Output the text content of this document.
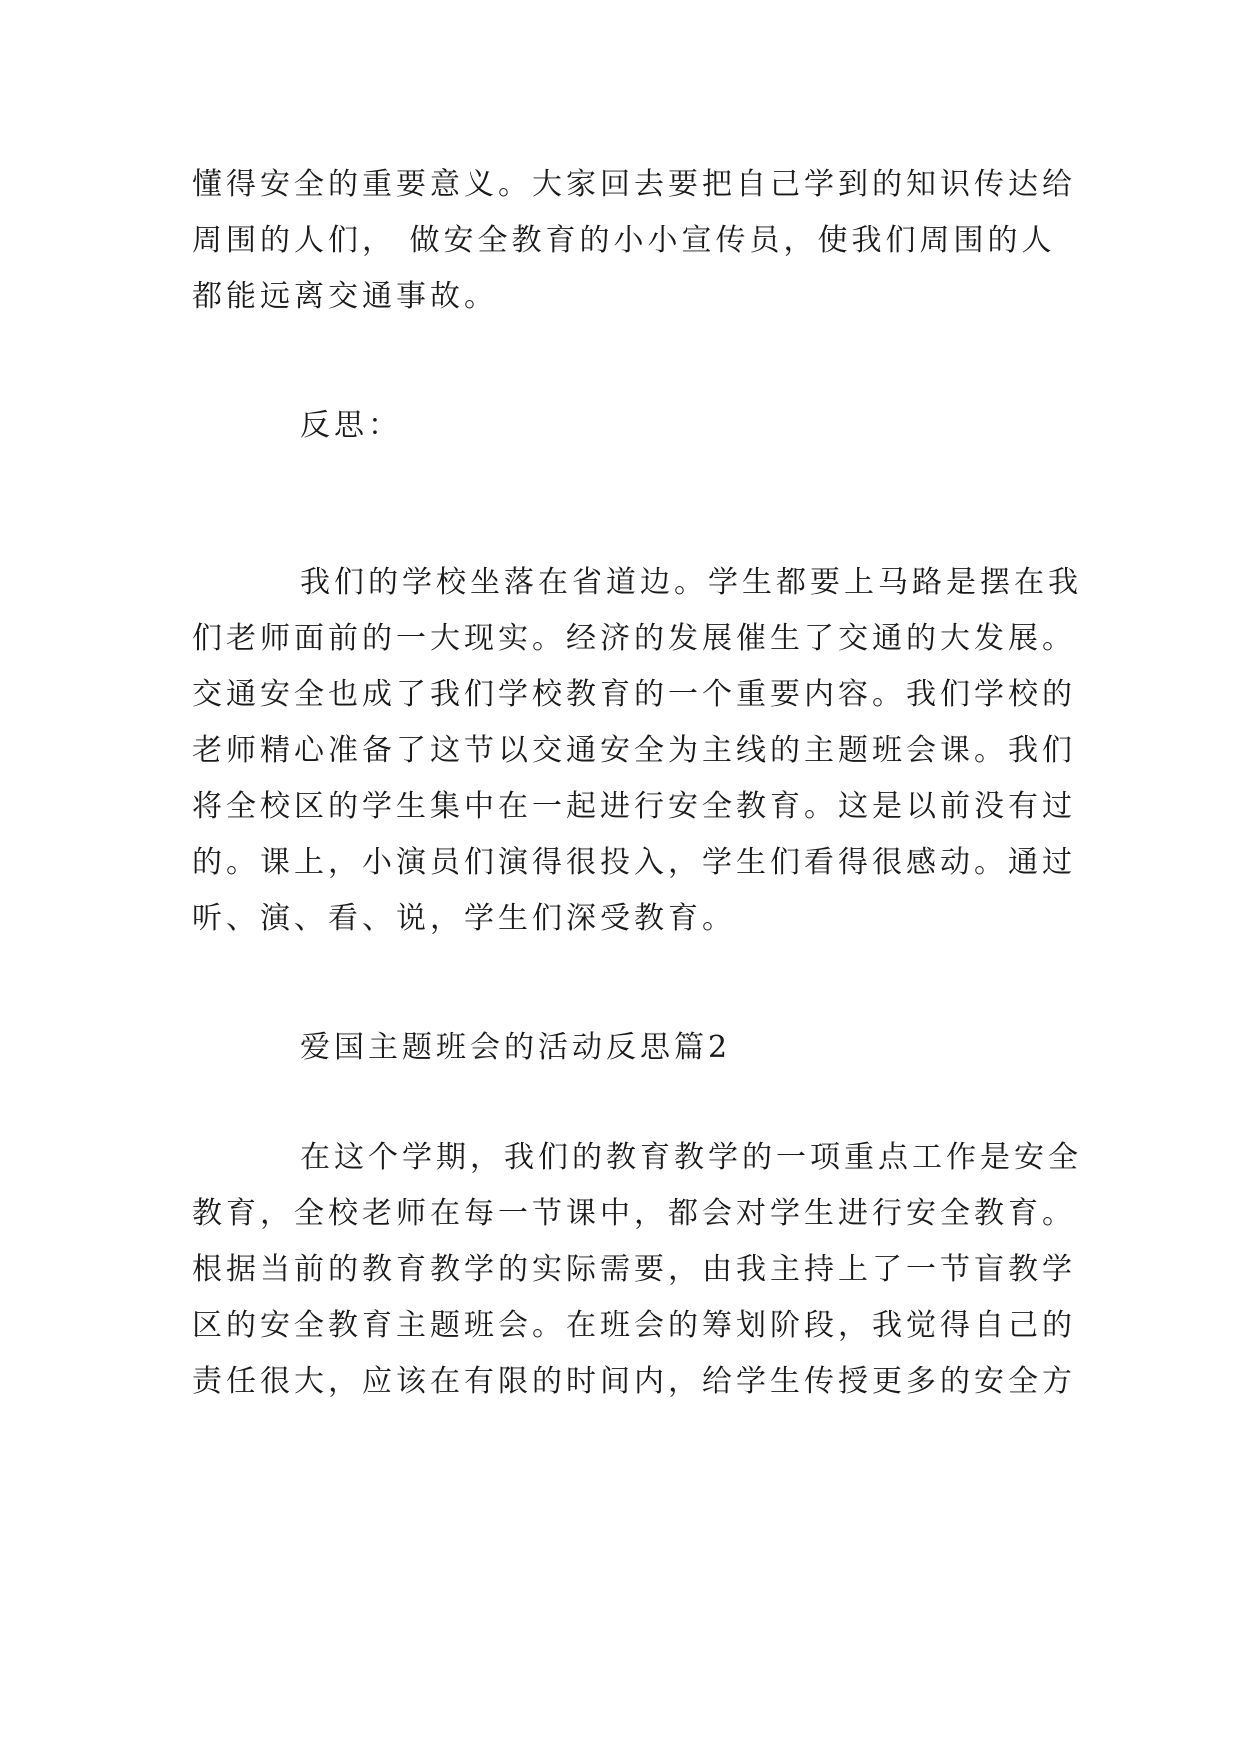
懂得安全的重要意义。大家回去要把自己学到的知识传达给
周围的人们， 做安全教育的小小宣传员，使我们周围的人
都能远离交通事故。
反思：
我们的学校坐落在省道边。学生都要上马路是摆在我
们老师面前的一大现实。经济的发展催生了交通的大发展。
交通安全也成了我们学校教育的一个重要内容。我们学校的
老师精心准备了这节以交通安全为主线的主题班会课。我们
将全校区的学生集中在一起进行安全教育。这是以前没有过
的。课上，小演员们演得很投入，学生们看得很感动。通过
听、演、看、说，学生们深受教育。
爱国主题班会的活动反思篇2
在这个学期，我们的教育教学的一项重点工作是安全
教育，全校老师在每一节课中，都会对学生进行安全教育。
根据当前的教育教学的实际需要，由我主持上了一节盲教学
区的安全教育主题班会。在班会的筹划阶段，我觉得自己的
责任很大，应该在有限的时间内，给学生传授更多的安全方
